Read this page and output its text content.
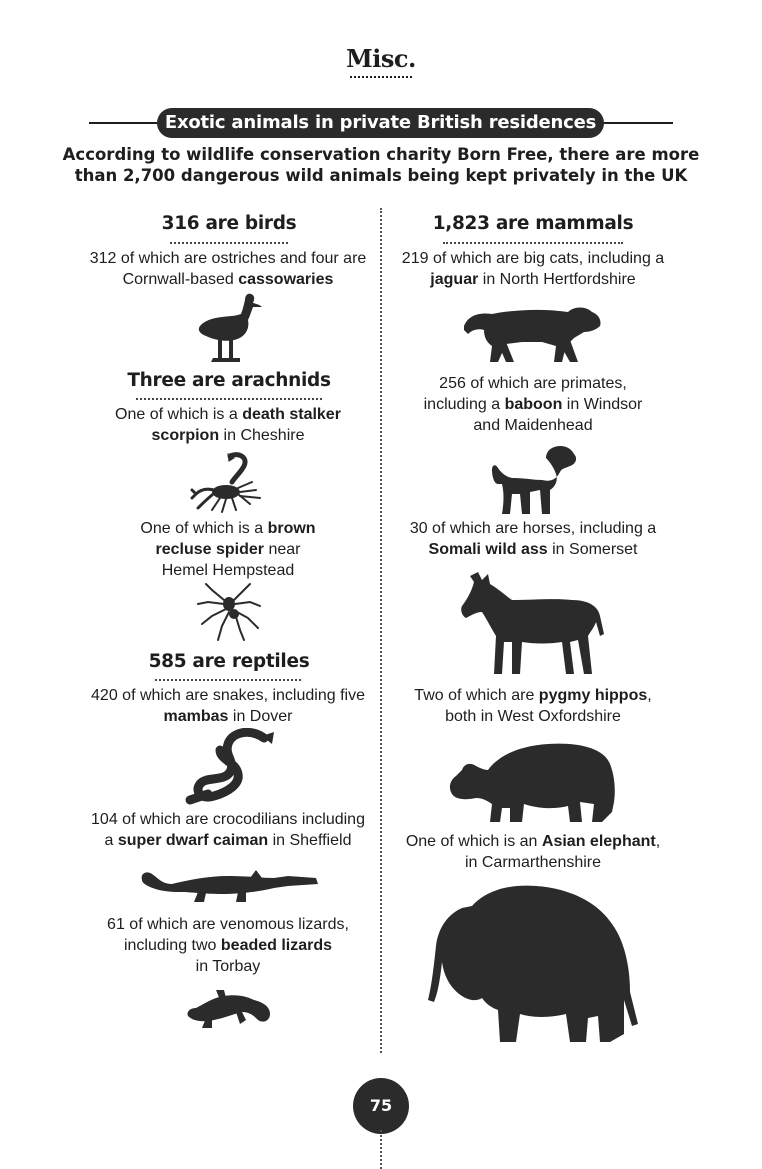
Misc.
Exotic animals in private British residences
According to wildlife conservation charity Born Free, there are more
than 2,700 dangerous wild animals being kept privately in the UK
316 are birds
312 of which are ostriches and four are
Cornwall-based cassowaries
Three are arachnids
One of which is a death stalker
scorpion in Cheshire
One of which is a brown
recluse spider near
Hemel Hempstead
585 are reptiles
420 of which are snakes, including five
mambas in Dover
104 of which are crocodilians including
a super dwarf caiman in Sheffield
61 of which are venomous lizards,
including two beaded lizards
in Torbay
1,823 are mammals
219 of which are big cats, including a
jaguar in North Hertfordshire
256 of which are primates,
including a baboon in Windsor
and Maidenhead
30 of which are horses, including a
Somali wild ass in Somerset
Two of which are pygmy hippos,
both in West Oxfordshire
One of which is an Asian elephant,
in Carmarthenshire
75
